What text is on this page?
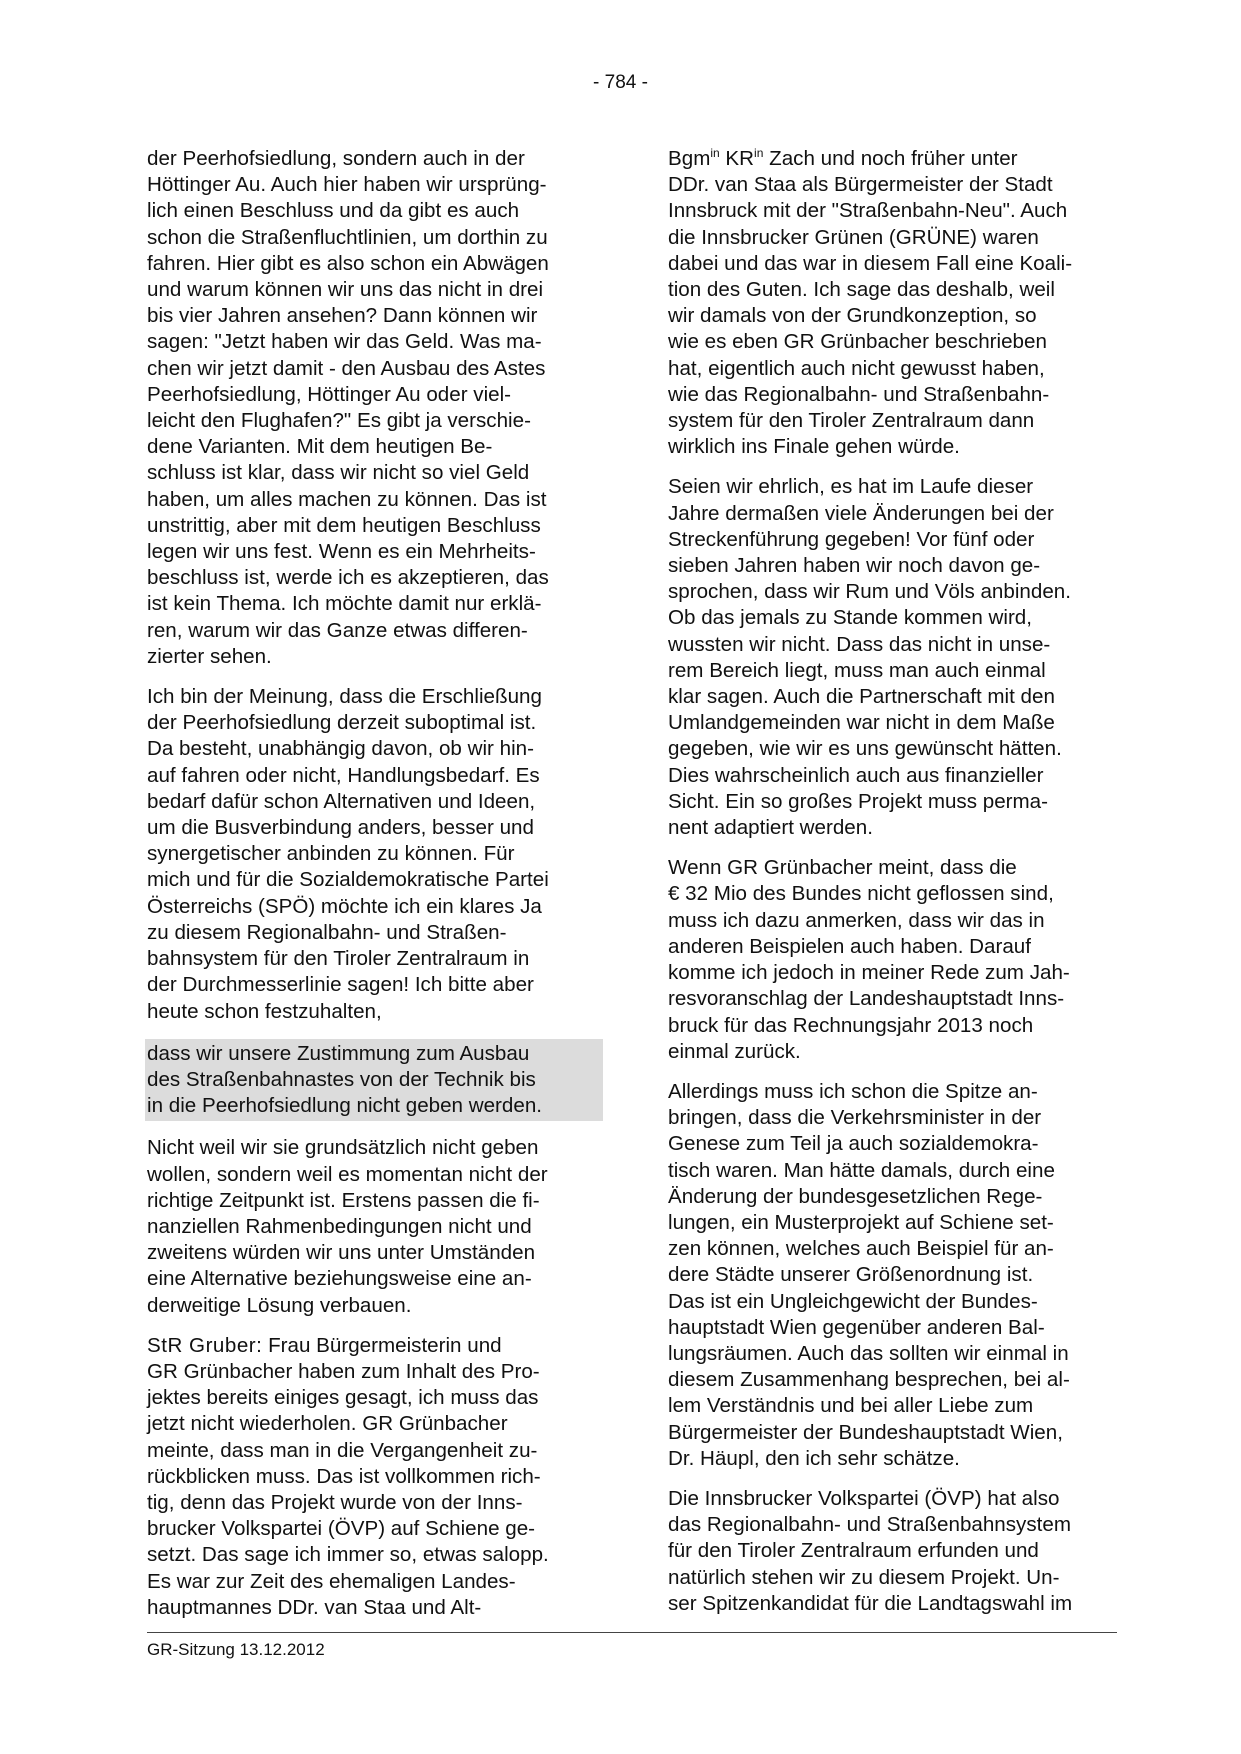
- 784 -

der Peerhofsiedlung, sondern auch in der
Höttinger Au. Auch hier haben wir ursprüng-
lich einen Beschluss und da gibt es auch
schon die Straßenfluchtlinien, um dorthin zu
fahren. Hier gibt es also schon ein Abwägen
und warum können wir uns das nicht in drei
bis vier Jahren ansehen? Dann können wir
sagen: "Jetzt haben wir das Geld. Was ma-
chen wir jetzt damit - den Ausbau des Astes
Peerhofsiedlung, Höttinger Au oder viel-
leicht den Flughafen?" Es gibt ja verschie-
dene Varianten. Mit dem heutigen Be-
schluss ist klar, dass wir nicht so viel Geld
haben, um alles machen zu können. Das ist
unstrittig, aber mit dem heutigen Beschluss
legen wir uns fest. Wenn es ein Mehrheits-
beschluss ist, werde ich es akzeptieren, das
ist kein Thema. Ich möchte damit nur erklä-
ren, warum wir das Ganze etwas differen-
zierter sehen.

Ich bin der Meinung, dass die Erschließung
der Peerhofsiedlung derzeit suboptimal ist.
Da besteht, unabhängig davon, ob wir hin-
auf fahren oder nicht, Handlungsbedarf. Es
bedarf dafür schon Alternativen und Ideen,
um die Busverbindung anders, besser und
synergetischer anbinden zu können. Für
mich und für die Sozialdemokratische Partei
Österreichs (SPÖ) möchte ich ein klares Ja
zu diesem Regionalbahn- und Straßen-
bahnsystem für den Tiroler Zentralraum in
der Durchmesserlinie sagen! Ich bitte aber
heute schon festzuhalten,

dass wir unsere Zustimmung zum Ausbau
des Straßenbahnastes von der Technik bis
in die Peerhofsiedlung nicht geben werden.

Nicht weil wir sie grundsätzlich nicht geben
wollen, sondern weil es momentan nicht der
richtige Zeitpunkt ist. Erstens passen die fi-
nanziellen Rahmenbedingungen nicht und
zweitens würden wir uns unter Umständen
eine Alternative beziehungsweise eine an-
derweitige Lösung verbauen.

StR Gruber: Frau Bürgermeisterin und
GR Grünbacher haben zum Inhalt des Pro-
jektes bereits einiges gesagt, ich muss das
jetzt nicht wiederholen. GR Grünbacher
meinte, dass man in die Vergangenheit zu-
rückblicken muss. Das ist vollkommen rich-
tig, denn das Projekt wurde von der Inns-
brucker Volkspartei (ÖVP) auf Schiene ge-
setzt. Das sage ich immer so, etwas salopp.
Es war zur Zeit des ehemaligen Landes-
hauptmannes DDr. van Staa und Alt-

Bgm$^{in}$ $KR^{in}$ Zach und noch früher unter
DDr. van Staa als Bürgermeister der Stadt
Innsbruck mit der "Straßenbahn-Neu". Auch
die Innsbrucker Grünen (GRÜNE) waren
dabei und das war in diesem Fall eine Koali-
tion des Guten. Ich sage das deshalb, weil
wir damals von der Grundkonzeption, so
wie es eben GR Grünbacher beschrieben
hat, eigentlich auch nicht gewusst haben,
wie das Regionalbahn- und Straßenbahn-
system für den Tiroler Zentralraum dann
wirklich ins Finale gehen würde.

Seien wir ehrlich, es hat im Laufe dieser
Jahre dermaßen viele Änderungen bei der
Streckenführung gegeben! Vor fünf oder
sieben Jahren haben wir noch davon ge-
sprochen, dass wir Rum und Völs anbinden.
Ob das jemals zu Stande kommen wird,
wussten wir nicht. Dass das nicht in unse-
rem Bereich liegt, muss man auch einmal
klar sagen. Auch die Partnerschaft mit den
Umlandgemeinden war nicht in dem Maße
gegeben, wie wir es uns gewünscht hätten.
Dies wahrscheinlich auch aus finanzieller
Sicht. Ein so großes Projekt muss perma-
nent adaptiert werden.

Wenn GR Grünbacher meint, dass die
€ 32 Mio des Bundes nicht geflossen sind,
muss ich dazu anmerken, dass wir das in
anderen Beispielen auch haben. Darauf
komme ich jedoch in meiner Rede zum Jah-
resvoranschlag der Landeshauptstadt Inns-
bruck für das Rechnungsjahr 2013 noch
einmal zurück.

Allerdings muss ich schon die Spitze an-
bringen, dass die Verkehrsminister in der
Genese zum Teil ja auch sozialdemokra-
tisch waren. Man hätte damals, durch eine
Änderung der bundesgesetzlichen Rege-
lungen, ein Musterprojekt auf Schiene set-
zen können, welches auch Beispiel für an-
dere Städte unserer Größenordnung ist.
Das ist ein Ungleichgewicht der Bundes-
hauptstadt Wien gegenüber anderen Bal-
lungsräumen. Auch das sollten wir einmal in
diesem Zusammenhang besprechen, bei al-
lem Verständnis und bei aller Liebe zum
Bürgermeister der Bundeshauptstadt Wien,
Dr. Häupl, den ich sehr schätze.

Die Innsbrucker Volkspartei (ÖVP) hat also
das Regionalbahn- und Straßenbahnsystem
für den Tiroler Zentralraum erfunden und
natürlich stehen wir zu diesem Projekt. Un-
ser Spitzenkandidat für die Landtagswahl im

GR-Sitzung 13.12.2012
